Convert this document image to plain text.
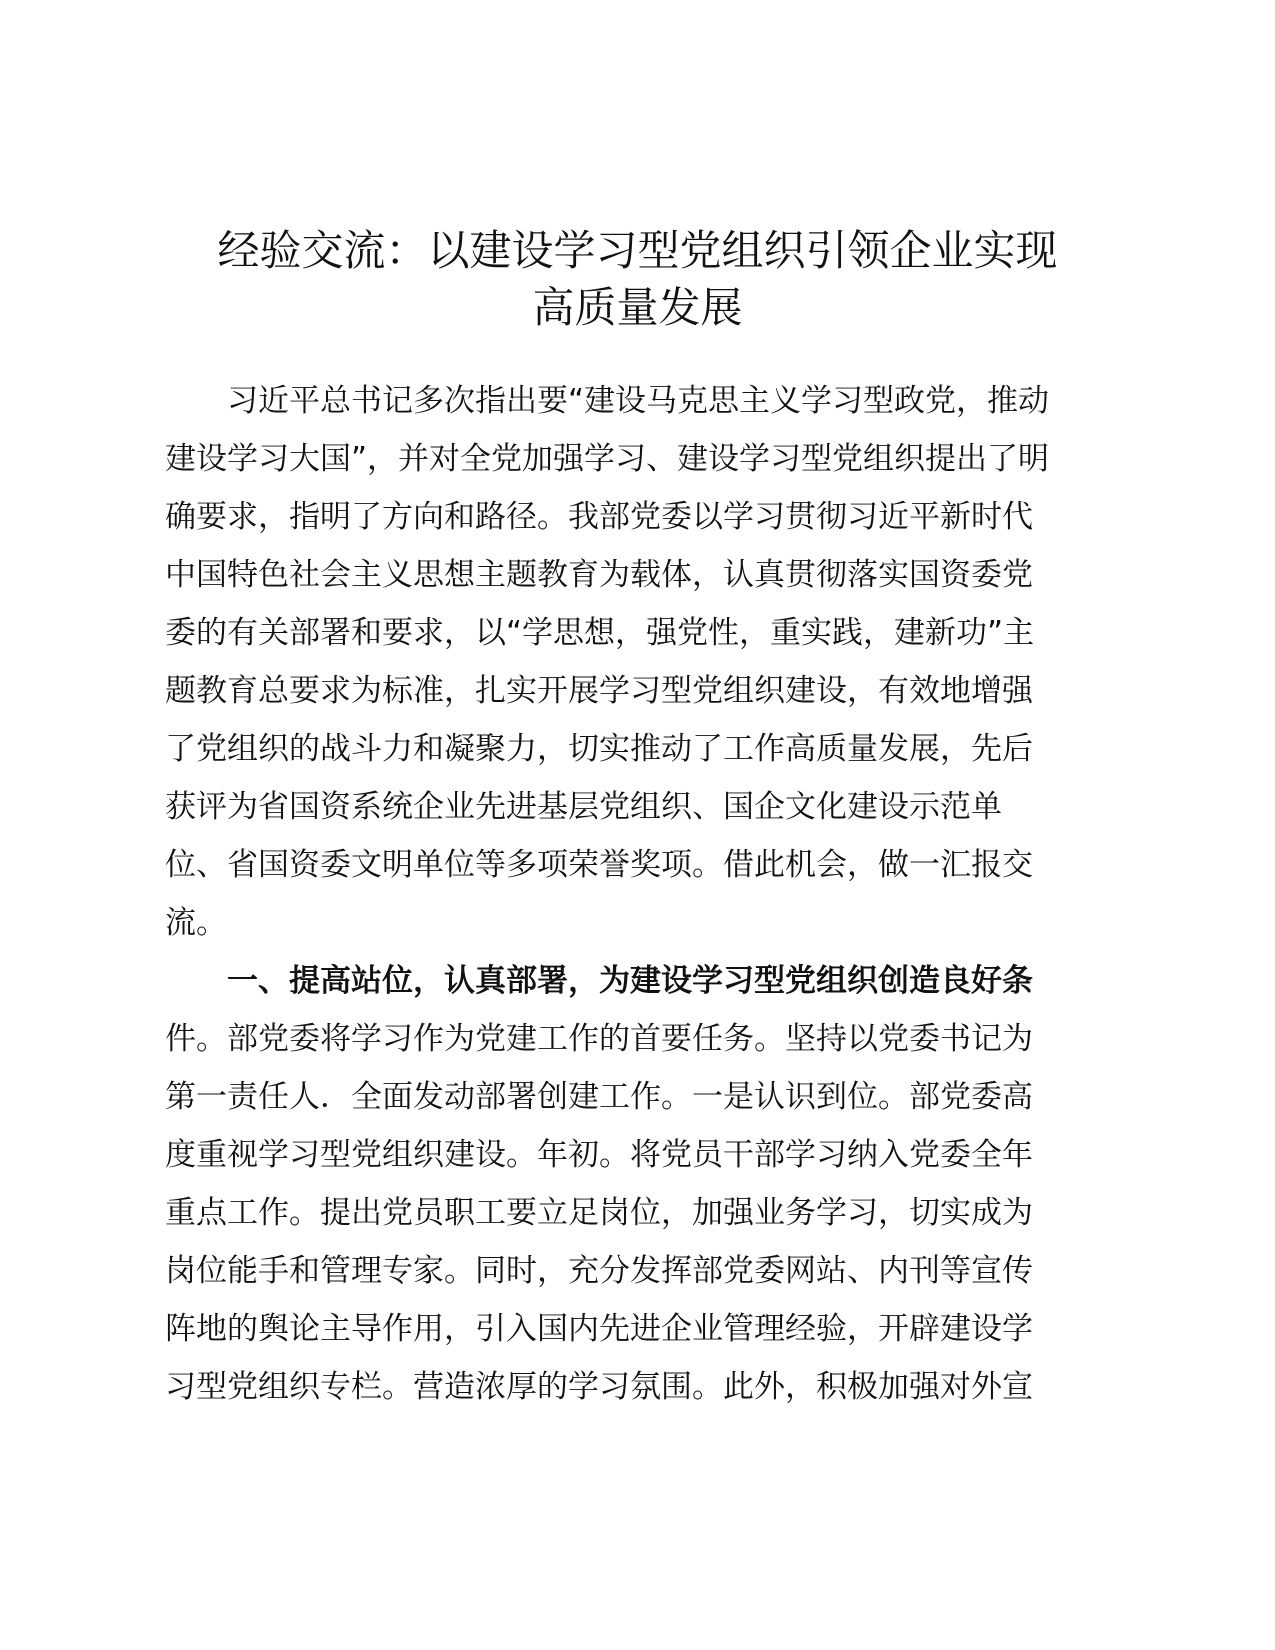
经验交流：以建设学习型党组织引领企业实现
高质量发展
习近平总书记多次指出要“建设马克思主义学习型政党，推动
建设学习大国”，并对全党加强学习、建设学习型党组织提出了明
确要求，指明了方向和路径。我部党委以学习贯彻习近平新时代
中国特色社会主义思想主题教育为载体，认真贯彻落实国资委党
委的有关部署和要求，以“学思想，强党性，重实践，建新功”主
题教育总要求为标准，扎实开展学习型党组织建设，有效地增强
了党组织的战斗力和凝聚力，切实推动了工作高质量发展，先后
获评为省国资系统企业先进基层党组织、国企文化建设示范单
位、省国资委文明单位等多项荣誉奖项。借此机会，做一汇报交
流。
一、提高站位，认真部署，为建设学习型党组织创造良好条
件。部党委将学习作为党建工作的首要任务。坚持以党委书记为
第一责任人．全面发动部署创建工作。一是认识到位。部党委高
度重视学习型党组织建设。年初。将党员干部学习纳入党委全年
重点工作。提出党员职工要立足岗位，加强业务学习，切实成为
岗位能手和管理专家。同时，充分发挥部党委网站、内刊等宣传
阵地的舆论主导作用，引入国内先进企业管理经验，开辟建设学
习型党组织专栏。营造浓厚的学习氛围。此外，积极加强对外宣
